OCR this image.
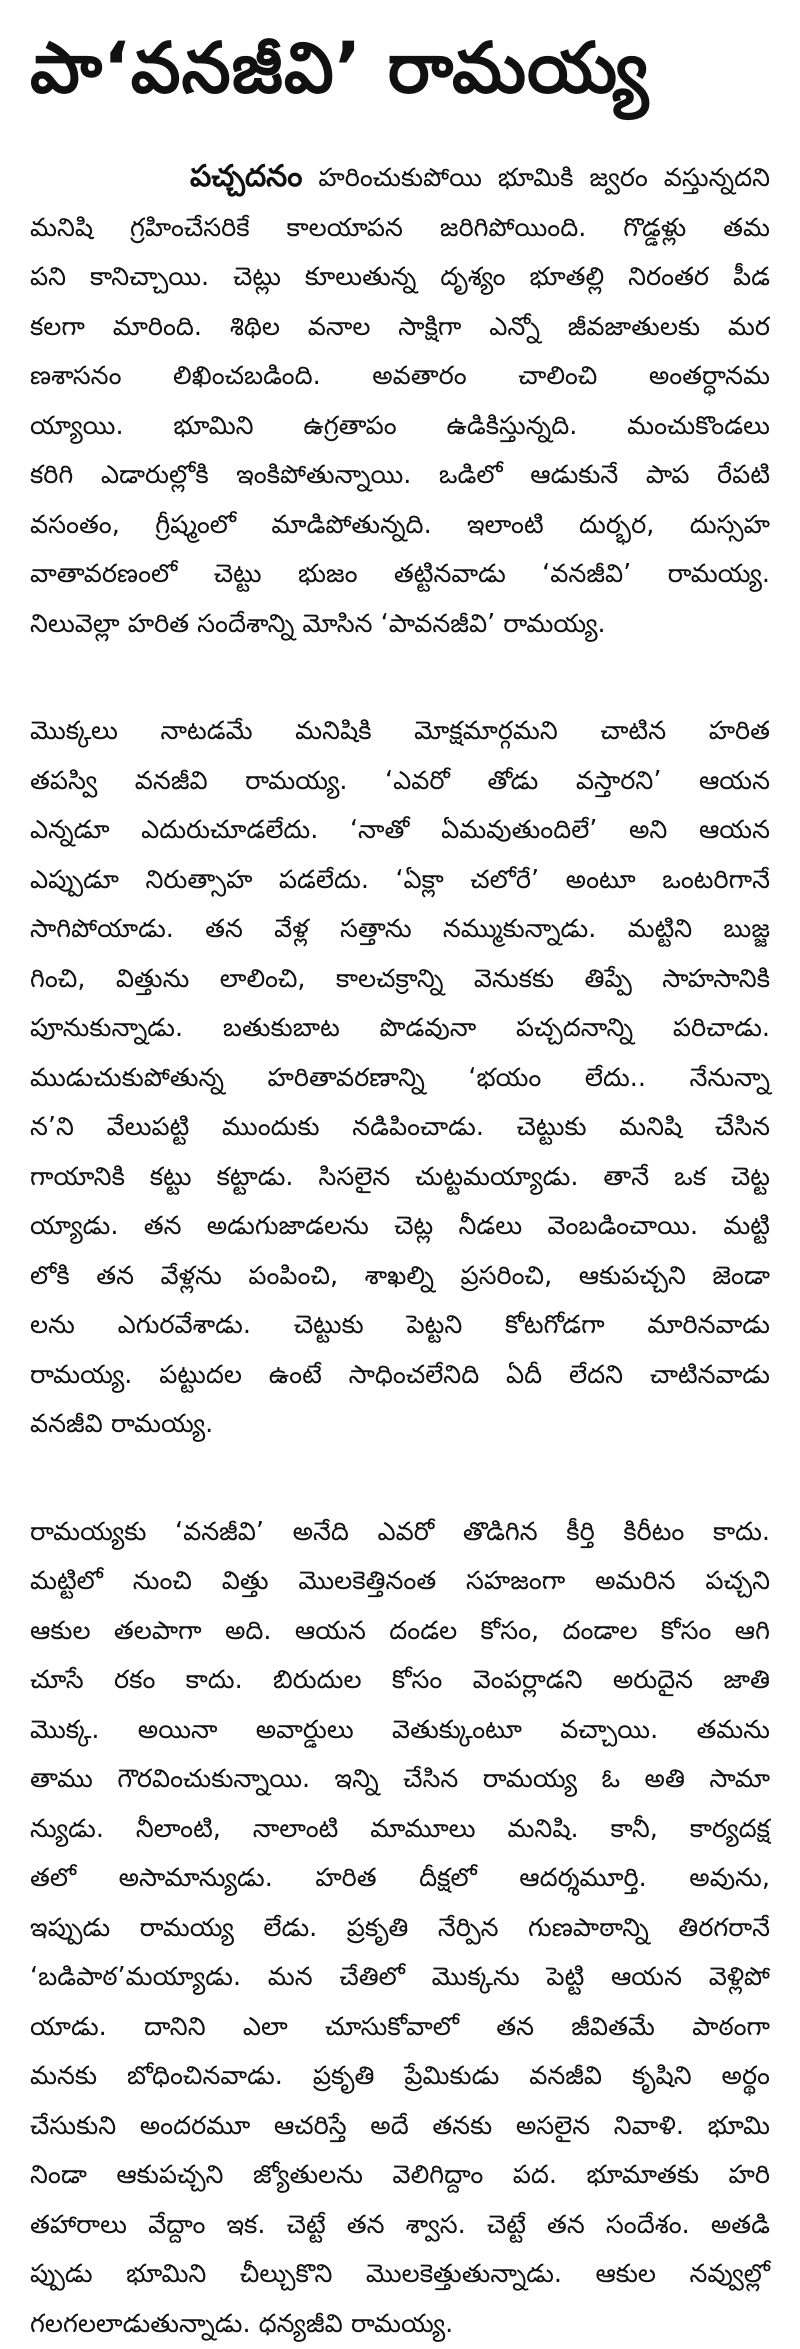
పా‘వనజీవి’ రామయ్య
పచ్చదనం హరించుకుపోయి భూమికి జ్వరం వస్తున్నదని
మనిషి గ్రహించేసరికే కాలయాపన జరిగిపోయింది. గొడ్డళ్లు తమ
పని కానిచ్చాయి. చెట్లు కూలుతున్న దృశ్యం భూతల్లి నిరంతర పీడ
కలగా మారింది. శిథిల వనాల సాక్షిగా ఎన్నో జీవజాతులకు మర
ణశాసనం లిఖించబడింది. అవతారం చాలించి అంతర్ధానమ
య్యాయి. భూమిని ఉగ్రతాపం ఉడికిస్తున్నది. మంచుకొండలు
కరిగి ఎడారుల్లోకి ఇంకిపోతున్నాయి. ఒడిలో ఆడుకునే పాప రేపటి
వసంతం, గ్రీష్మంలో మాడిపోతున్నది. ఇలాంటి దుర్భర, దుస్సహ
వాతావరణంలో చెట్టు భుజం తట్టినవాడు ‘వనజీవి’ రామయ్య.
నిలువెల్లా హరిత సందేశాన్ని మోసిన ‘పావనజీవి’ రామయ్య.
మొక్కలు నాటడమే మనిషికి మోక్షమార్గమని చాటిన హరిత
తపస్వి వనజీవి రామయ్య. ‘ఎవరో తోడు వస్తారని’ ఆయన
ఎన్నడూ ఎదురుచూడలేదు. ‘నాతో ఏమవుతుందిలే’ అని ఆయన
ఎప్పుడూ నిరుత్సాహ పడలేదు. ‘ఏక్లా చలోరే’ అంటూ ఒంటరిగానే
సాగిపోయాడు. తన వేళ్ల సత్తాను నమ్ముకున్నాడు. మట్టిని బుజ్జ
గించి, విత్తును లాలించి, కాలచక్రాన్ని వెనుకకు తిప్పే సాహసానికి
పూనుకున్నాడు. బతుకుబాట పొడవునా పచ్చదనాన్ని పరిచాడు.
ముడుచుకుపోతున్న హరితావరణాన్ని ‘భయం లేదు.. నేనున్నా
న’ని వేలుపట్టి ముందుకు నడిపించాడు. చెట్టుకు మనిషి చేసిన
గాయానికి కట్టు కట్టాడు. సిసలైన చుట్టమయ్యాడు. తానే ఒక చెట్ట
య్యాడు. తన అడుగుజాడలను చెట్ల నీడలు వెంబడించాయి. మట్టి
లోకి తన వేళ్లను పంపించి, శాఖల్ని ప్రసరించి, ఆకుపచ్చని జెండా
లను ఎగురవేశాడు. చెట్టుకు పెట్టని కోటగోడగా మారినవాడు
రామయ్య. పట్టుదల ఉంటే సాధించలేనిది ఏదీ లేదని చాటినవాడు
వనజీవి రామయ్య.
రామయ్యకు ‘వనజీవి’ అనేది ఎవరో తొడిగిన కీర్తి కిరీటం కాదు.
మట్టిలో నుంచి విత్తు మొలకెత్తినంత సహజంగా అమరిన పచ్చని
ఆకుల తలపాగా అది. ఆయన దండల కోసం, దండాల కోసం ఆగి
చూసే రకం కాదు. బిరుదుల కోసం వెంపర్లాడని అరుదైన జాతి
మొక్క. అయినా అవార్డులు వెతుక్కుంటూ వచ్చాయి. తమను
తాము గౌరవించుకున్నాయి. ఇన్ని చేసిన రామయ్య ఓ అతి సామా
న్యుడు. నీలాంటి, నాలాంటి మామూలు మనిషి. కానీ, కార్యదక్ష
తలో అసామాన్యుడు. హరిత దీక్షలో ఆదర్శమూర్తి. అవును,
ఇప్పుడు రామయ్య లేడు. ప్రకృతి నేర్పిన గుణపాఠాన్ని తిరగరానే
‘బడిపాఠ’మయ్యాడు. మన చేతిలో మొక్కను పెట్టి ఆయన వెళ్లిపో
యాడు. దానిని ఎలా చూసుకోవాలో తన జీవితమే పాఠంగా
మనకు బోధించినవాడు. ప్రకృతి ప్రేమికుడు వనజీవి కృషిని అర్థం
చేసుకుని అందరమూ ఆచరిస్తే అదే తనకు అసలైన నివాళి. భూమి
నిండా ఆకుపచ్చని జ్యోతులను వెలిగిద్దాం పద. భూమాతకు హరి
తహారాలు వేద్దాం ఇక. చెట్టే తన శ్వాస. చెట్టే తన సందేశం. అతడి
ప్పుడు భూమిని చీల్చుకొని మొలకెత్తుతున్నాడు. ఆకుల నవ్వుల్లో
గలగలలాడుతున్నాడు. ధన్యజీవి రామయ్య.
